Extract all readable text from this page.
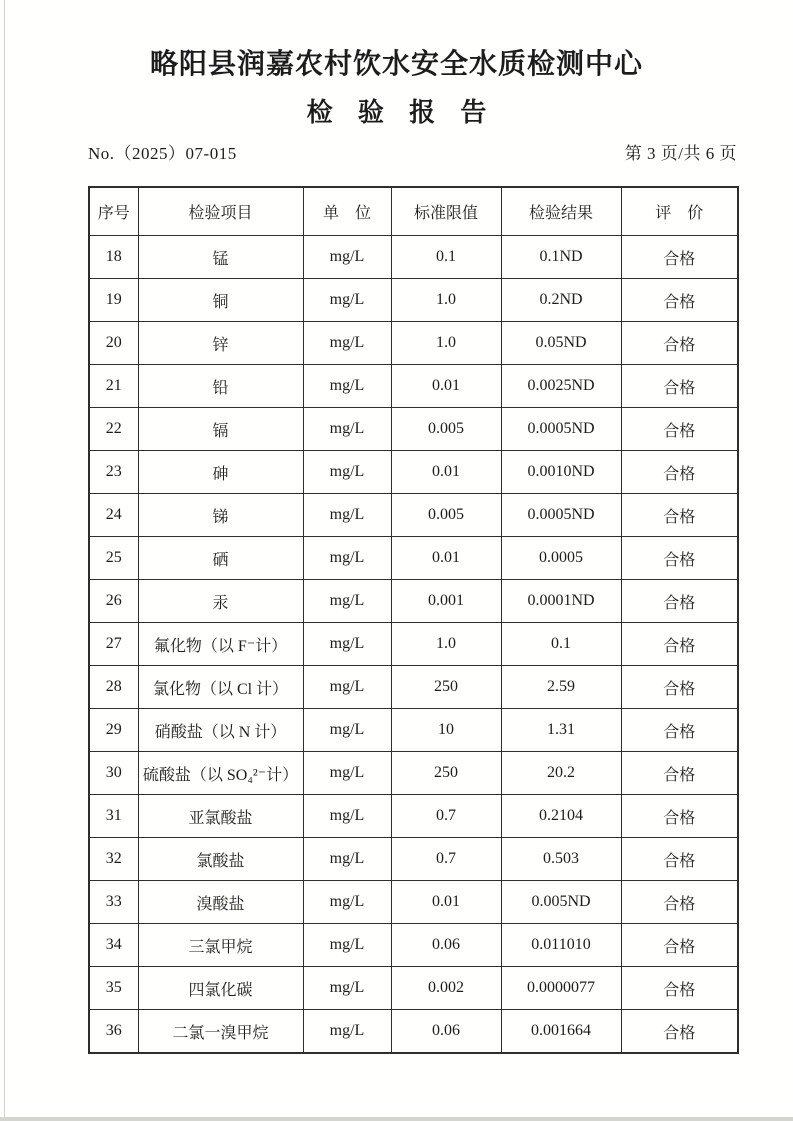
略阳县润嘉农村饮水安全水质检测中心
检 验 报 告
No.（2025）07-015	第 3 页/共 6 页
序号	检验项目	单　位	标准限值	检验结果	评　价
18	锰	mg/L	0.1	0.1ND	合格
19	铜	mg/L	1.0	0.2ND	合格
20	锌	mg/L	1.0	0.05ND	合格
21	铅	mg/L	0.01	0.0025ND	合格
22	镉	mg/L	0.005	0.0005ND	合格
23	砷	mg/L	0.01	0.0010ND	合格
24	锑	mg/L	0.005	0.0005ND	合格
25	硒	mg/L	0.01	0.0005	合格
26	汞	mg/L	0.001	0.0001ND	合格
27	氟化物（以 F⁻计）	mg/L	1.0	0.1	合格
28	氯化物（以 Cl 计）	mg/L	250	2.59	合格
29	硝酸盐（以 N 计）	mg/L	10	1.31	合格
30	硫酸盐（以 SO₄²⁻计）	mg/L	250	20.2	合格
31	亚氯酸盐	mg/L	0.7	0.2104	合格
32	氯酸盐	mg/L	0.7	0.503	合格
33	溴酸盐	mg/L	0.01	0.005ND	合格
34	三氯甲烷	mg/L	0.06	0.011010	合格
35	四氯化碳	mg/L	0.002	0.0000077	合格
36	二氯一溴甲烷	mg/L	0.06	0.001664	合格
